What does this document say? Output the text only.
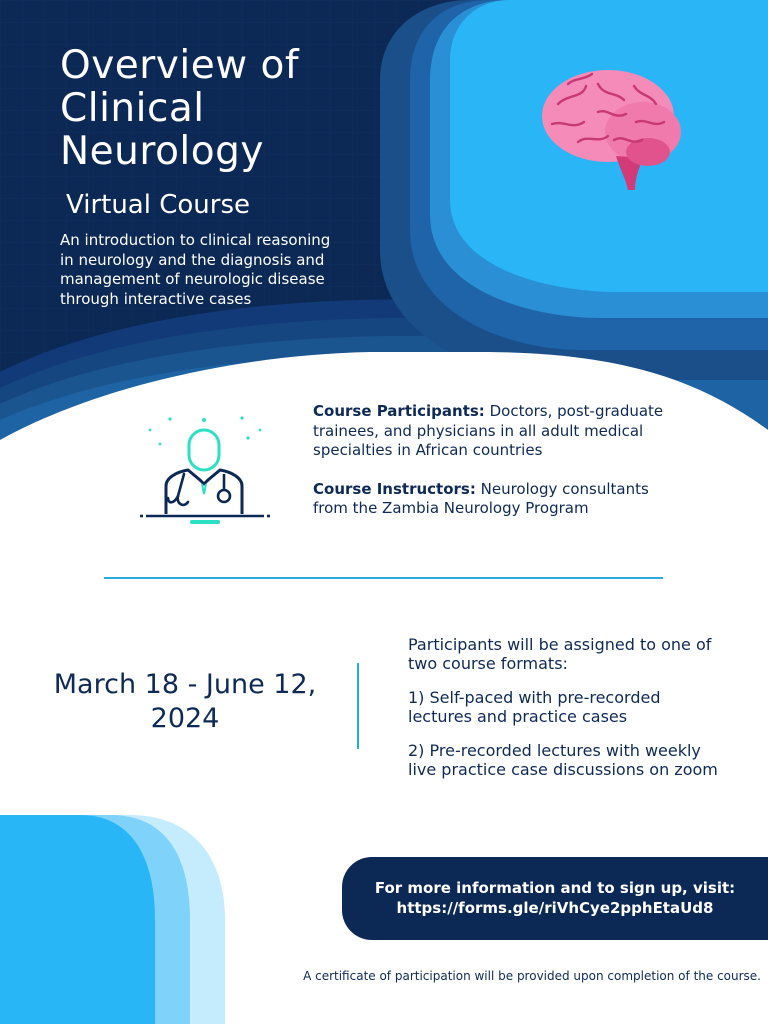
Overview of Clinical Neurology

Virtual Course

An introduction to clinical reasoning in neurology and the diagnosis and management of neurologic disease through interactive cases

Course Participants: Doctors, post-graduate trainees, and physicians in all adult medical specialties in African countries

Course Instructors: Neurology consultants from the Zambia Neurology Program

March 18 - June 12,
2024

Participants will be assigned to one of two course formats:

1) Self-paced with pre-recorded lectures and practice cases

2) Pre-recorded lectures with weekly live practice case discussions on zoom

For more information and to sign up, visit:
https://forms.gle/riVhCye2pphEtaUd8
A certificate of participation will be provided upon completion of the course.
